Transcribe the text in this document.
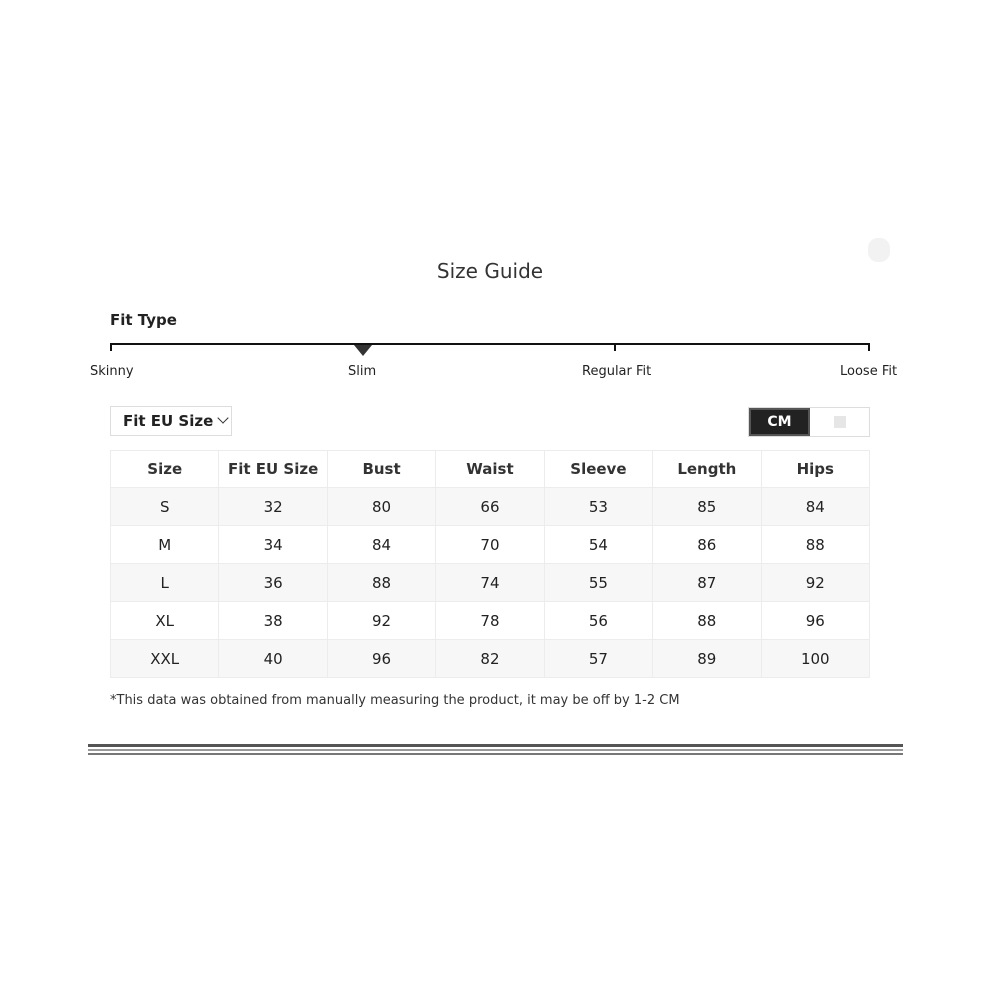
Size Guide
Fit Type
Skinny	Slim	Regular Fit	Loose Fit
Fit EU Size	CM
Size	Fit EU Size	Bust	Waist	Sleeve	Length	Hips
S	32	80	66	53	85	84
M	34	84	70	54	86	88
L	36	88	74	55	87	92
XL	38	92	78	56	88	96
XXL	40	96	82	57	89	100
*This data was obtained from manually measuring the product, it may be off by 1-2 CM
